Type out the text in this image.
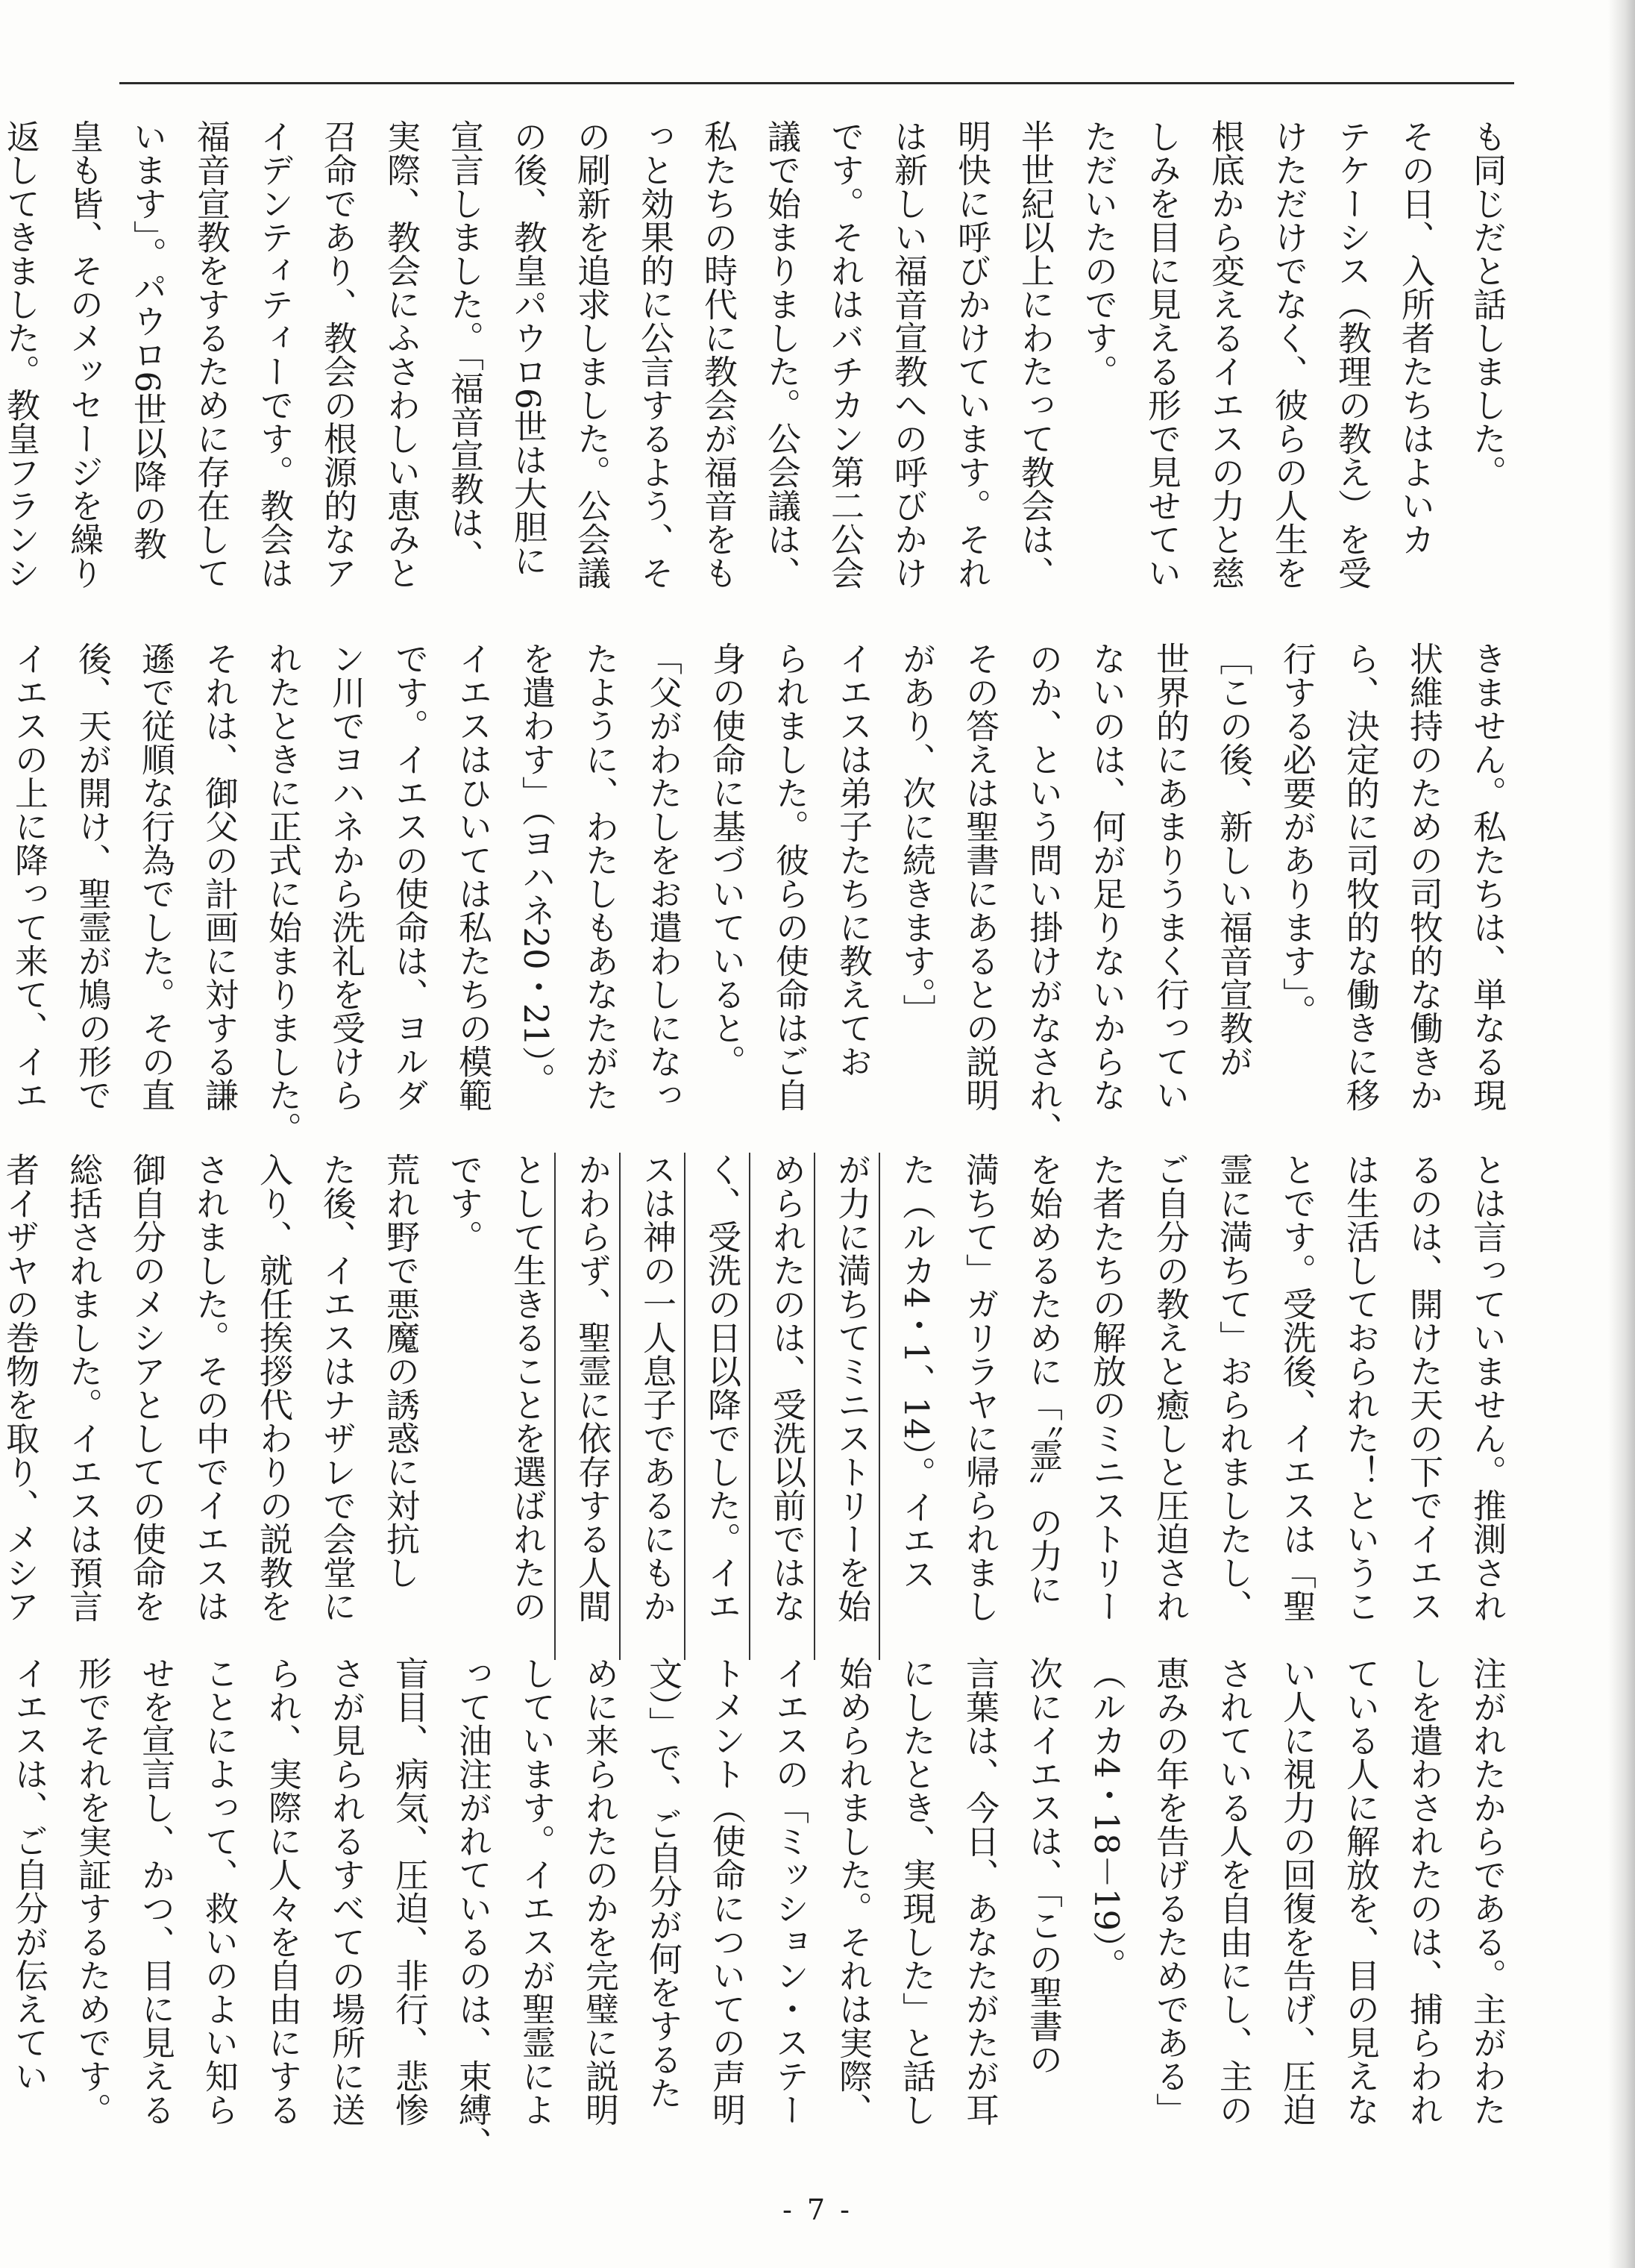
も同じだと話しました。
その日、入所者たちはよいカ
テケーシス（教理の教え）を受
けただけでなく、彼らの人生を
根底から変えるイエスの力と慈
しみを目に見える形で見せてい
ただいたのです。
半世紀以上にわたって教会は、
明快に呼びかけています。それ
は新しい福音宣教への呼びかけ
です。それはバチカン第二公会
議で始まりました。公会議は、
私たちの時代に教会が福音をも
っと効果的に公言するよう、そ
の刷新を追求しました。公会議
の後、教皇パウロ6世は大胆に
宣言しました。「福音宣教は、
実際、教会にふさわしい恵みと
召命であり、教会の根源的なア
イデンティティーです。教会は
福音宣教をするために存在して
います」。パウロ6世以降の教
皇も皆、そのメッセージを繰り
返してきました。教皇フランシ
きません。私たちは、単なる現
状維持のための司牧的な働きか
ら、決定的に司牧的な働きに移
行する必要があります」。
［この後、新しい福音宣教が
世界的にあまりうまく行ってい
ないのは、何が足りないからな
のか、という問い掛けがなされ、
その答えは聖書にあるとの説明
があり、次に続きます。］
イエスは弟子たちに教えてお
られました。彼らの使命はご自
身の使命に基づいていると。
「父がわたしをお遣わしになっ
たように、わたしもあなたがた
を遣わす」（ヨハネ20・21）。
イエスはひいては私たちの模範
です。イエスの使命は、ヨルダ
ン川でヨハネから洗礼を受けら
れたときに正式に始まりました。
それは、御父の計画に対する謙
遜で従順な行為でした。その直
後、天が開け、聖霊が鳩の形で
イエスの上に降って来て、イエ
とは言っていません。推測され
るのは、開けた天の下でイエス
は生活しておられた！というこ
とです。受洗後、イエスは「聖
霊に満ちて」おられましたし、
ご自分の教えと癒しと圧迫され
た者たちの解放のミニストリー
を始めるために「〝霊〟の力に
満ちて」ガリラヤに帰られまし
た（ルカ4・1、14）。イエス
が力に満ちてミニストリーを始
められたのは、受洗以前ではな
く、受洗の日以降でした。イエ
スは神の一人息子であるにもか
かわらず、聖霊に依存する人間
として生きることを選ばれたの
です。
荒れ野で悪魔の誘惑に対抗し
た後、イエスはナザレで会堂に
入り、就任挨拶代わりの説教を
されました。その中でイエスは
御自分のメシアとしての使命を
総括されました。イエスは預言
者イザヤの巻物を取り、メシア
注がれたからである。主がわた
しを遣わされたのは、捕らわれ
ている人に解放を、目の見えな
い人に視力の回復を告げ、圧迫
されている人を自由にし、主の
恵みの年を告げるためである」
（ルカ4・18－19）。
次にイエスは、「この聖書の
言葉は、今日、あなたがたが耳
にしたとき、実現した」と話し
始められました。それは実際、
イエスの「ミッション・ステー
トメント（使命についての声明
文）」で、ご自分が何をするた
めに来られたのかを完璧に説明
しています。イエスが聖霊によ
って油注がれているのは、束縛、
盲目、病気、圧迫、非行、悲惨
さが見られるすべての場所に送
られ、実際に人々を自由にする
ことによって、救いのよい知ら
せを宣言し、かつ、目に見える
形でそれを実証するためです。
イエスは、ご自分が伝えてい
- 7 -
